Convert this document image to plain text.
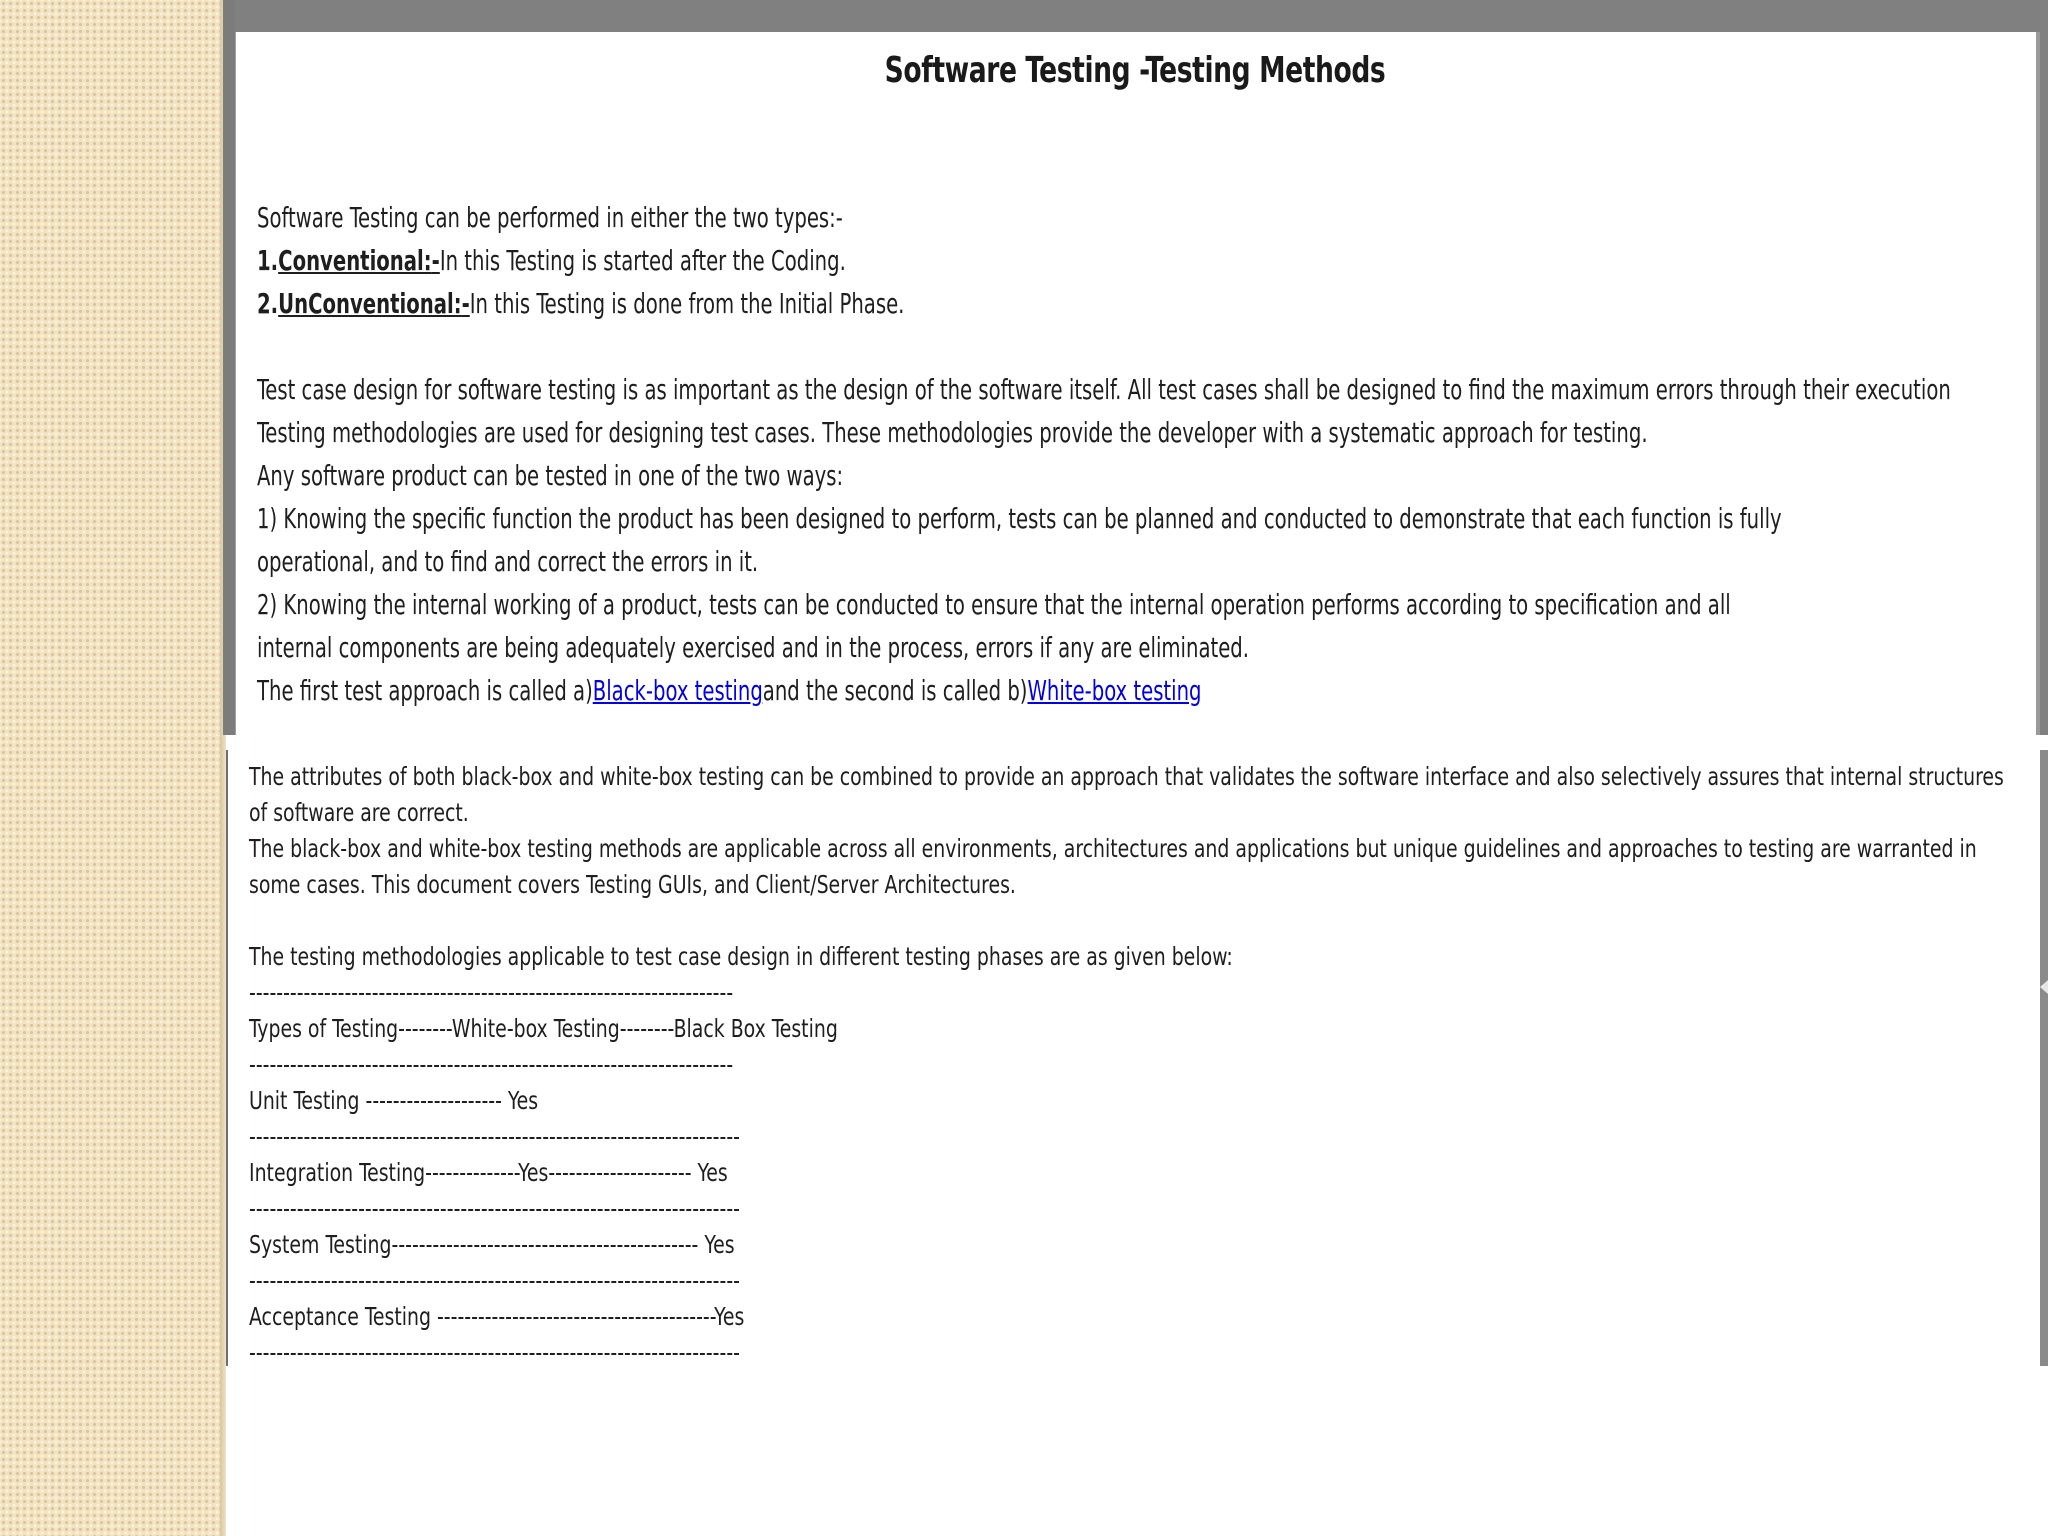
Software Testing -Testing Methods

Software Testing can be performed in either the two types:-

1.Conventional:-In this Testing is started after the Coding.

2.UnConventional:-In this Testing is done from the Initial Phase.

Test case design for software testing is as important as the design of the software itself. All test cases shall be designed to find the maximum errors through their execution

Testing methodologies are used for designing test cases. These methodologies provide the developer with a systematic approach for testing.

Any software product can be tested in one of the two ways:

1) Knowing the specific function the product has been designed to perform, tests can be planned and conducted to demonstrate that each function is fully operational, and to find and correct the errors in it.

2) Knowing the internal working of a product, tests can be conducted to ensure that the internal operation performs according to specification and all internal components are being adequately exercised and in the process, errors if any are eliminated.

The first test approach is called a)Black-box testingand the second is called b)White-box testing

The attributes of both black-box and white-box testing can be combined to provide an approach that validates the software interface and also selectively assures that internal structures of software are correct.

The black-box and white-box testing methods are applicable across all environments, architectures and applications but unique guidelines and approaches to testing are warranted in some cases. This document covers Testing GUIs, and Client/Server Architectures.

The testing methodologies applicable to test case design in different testing phases are as given below:

-----------------------------------------------------------------------

Types of Testing--------White-box Testing--------Black Box Testing

-----------------------------------------------------------------------

Unit Testing -------------------- Yes

------------------------------------------------------------------------

Integration Testing--------------Yes--------------------- Yes

------------------------------------------------------------------------

System Testing--------------------------------------------- Yes

------------------------------------------------------------------------

Acceptance Testing -----------------------------------------Yes

------------------------------------------------------------------------
